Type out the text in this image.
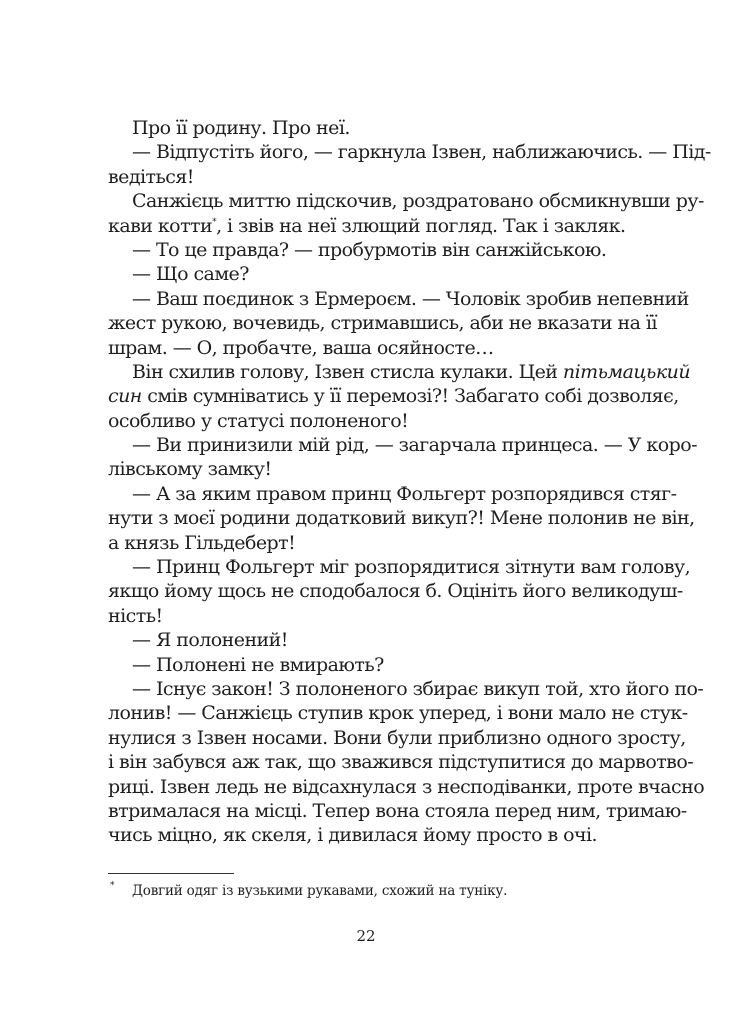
Про її родину. Про неї.
— Відпустіть його, — гаркнула Ізвен, наближаючись. — Під-
ведіться!
Санжієць миттю підскочив, роздратовано обсмикнувши ру-
кави котти*, і звів на неї злющий погляд. Так і закляк.
— То це правда? — пробурмотів він санжійською.
— Що саме?
— Ваш поєдинок з Ермероєм. — Чоловік зробив непевний
жест рукою, вочевидь, стримавшись, аби не вказати на її
шрам. — О, пробачте, ваша осяйносте…
Він схилив голову, Ізвен стисла кулаки. Цей пітьмацький
син смів сумніватись у її перемозі?! Забагато собі дозволяє,
особливо у статусі полоненого!
— Ви принизили мій рід, — загарчала принцеса. — У коро-
лівському замку!
— А за яким правом принц Фольгерт розпорядився стяг-
нути з моєї родини додатковий викуп?! Мене полонив не він,
а князь Гільдеберт!
— Принц Фольгерт міг розпорядитися зітнути вам голову,
якщо йому щось не сподобалося б. Оцініть його великодуш-
ність!
— Я полонений!
— Полонені не вмирають?
— Існує закон! З полоненого збирає викуп той, хто його по-
лонив! — Санжієць ступив крок уперед, і вони мало не стук-
нулися з Ізвен носами. Вони були приблизно одного зросту,
і він забувся аж так, що зважився підступитися до марвотво-
риці. Ізвен ледь не відсахнулася з несподіванки, проте вчасно
втрималася на місці. Тепер вона стояла перед ним, тримаю-
чись міцно, як скеля, і дивилася йому просто в очі.
* Довгий одяг із вузькими рукавами, схожий на туніку.
22
